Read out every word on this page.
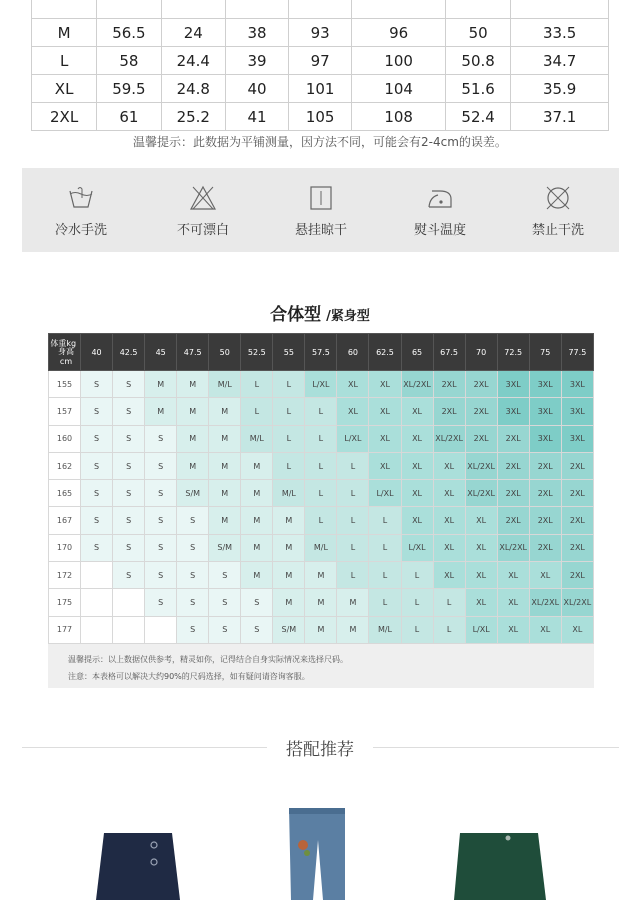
M	56.5	24	38	93	96	50	33.5
L	58	24.4	39	97	100	50.8	34.7
XL	59.5	24.8	40	101	104	51.6	35.9
2XL	61	25.2	41	105	108	52.4	37.1
温馨提示：此数据为平铺测量，因方法不同，可能会有2-4cm的误差。
冷水手洗	不可漂白	悬挂晾干	熨斗温度	禁止干洗
合体型 /紧身型
体重kg
身高cm	40	42.5	45	47.5	50	52.5	55	57.5	60	62.5	65	67.5	70	72.5	75	77.5
155	S	S	M	M	M/L	L	L	L/XL	XL	XL	XL/2XL	2XL	2XL	3XL	3XL	3XL
157	S	S	M	M	M	L	L	L	XL	XL	XL	2XL	2XL	3XL	3XL	3XL
160	S	S	S	M	M	M/L	L	L	L/XL	XL	XL	XL/2XL	2XL	2XL	3XL	3XL
162	S	S	S	M	M	M	L	L	L	XL	XL	XL	XL/2XL	2XL	2XL	2XL
165	S	S	S	S/M	M	M	M/L	L	L	L/XL	XL	XL	XL/2XL	2XL	2XL	2XL
167	S	S	S	S	M	M	M	L	L	L	XL	XL	XL	2XL	2XL	2XL
170	S	S	S	S	S/M	M	M	M/L	L	L	L/XL	XL	XL	XL/2XL	2XL	2XL
172		S	S	S	S	M	M	M	L	L	L	XL	XL	XL	XL	2XL
175			S	S	S	S	M	M	M	L	L	L	XL	XL	XL/2XL	XL/2XL
177				S	S	S	S/M	M	M	M/L	L	L	L/XL	XL	XL	XL
温馨提示：以上数据仅供参考，精灵如你，记得结合自身实际情况来选择尺码。
注意：本表格可以解决大约90%的尺码选择，如有疑问请咨询客服。
搭配推荐
